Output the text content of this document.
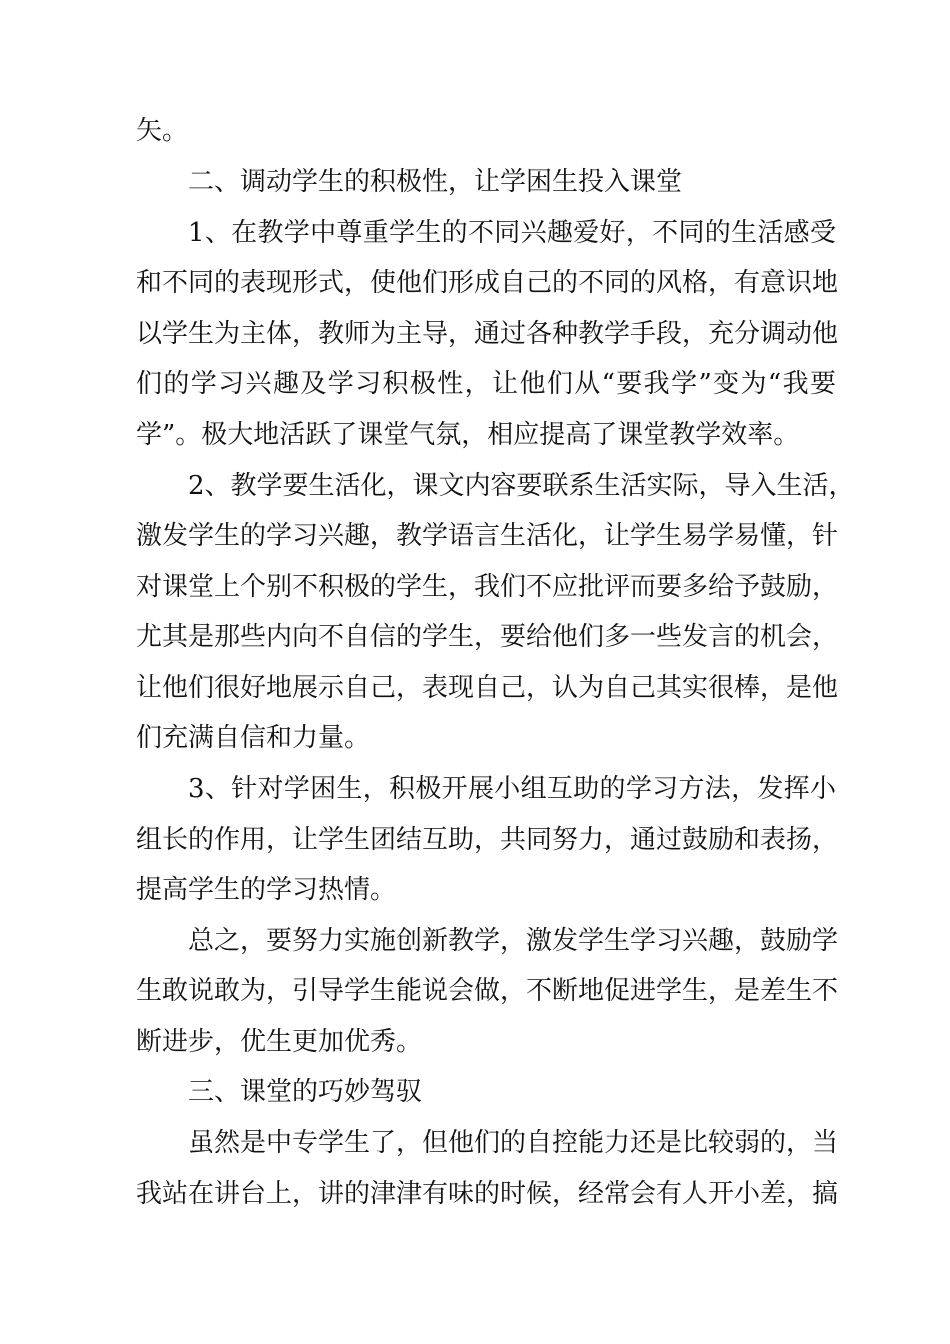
矢。
二、调动学生的积极性，让学困生投入课堂
1、在教学中尊重学生的不同兴趣爱好，不同的生活感受
和不同的表现形式，使他们形成自己的不同的风格，有意识地
以学生为主体，教师为主导，通过各种教学手段，充分调动他
们的学习兴趣及学习积极性，让他们从“要我学”变为“我要
学”。极大地活跃了课堂气氛，相应提高了课堂教学效率。
2、教学要生活化，课文内容要联系生活实际，导入生活，
激发学生的学习兴趣，教学语言生活化，让学生易学易懂，针
对课堂上个别不积极的学生，我们不应批评而要多给予鼓励，
尤其是那些内向不自信的学生，要给他们多一些发言的机会，
让他们很好地展示自己，表现自己，认为自己其实很棒，是他
们充满自信和力量。
3、针对学困生，积极开展小组互助的学习方法，发挥小
组长的作用，让学生团结互助，共同努力，通过鼓励和表扬，
提高学生的学习热情。
总之，要努力实施创新教学，激发学生学习兴趣，鼓励学
生敢说敢为，引导学生能说会做，不断地促进学生，是差生不
断进步，优生更加优秀。
三、课堂的巧妙驾驭
虽然是中专学生了，但他们的自控能力还是比较弱的，当
我站在讲台上，讲的津津有味的时候，经常会有人开小差，搞
